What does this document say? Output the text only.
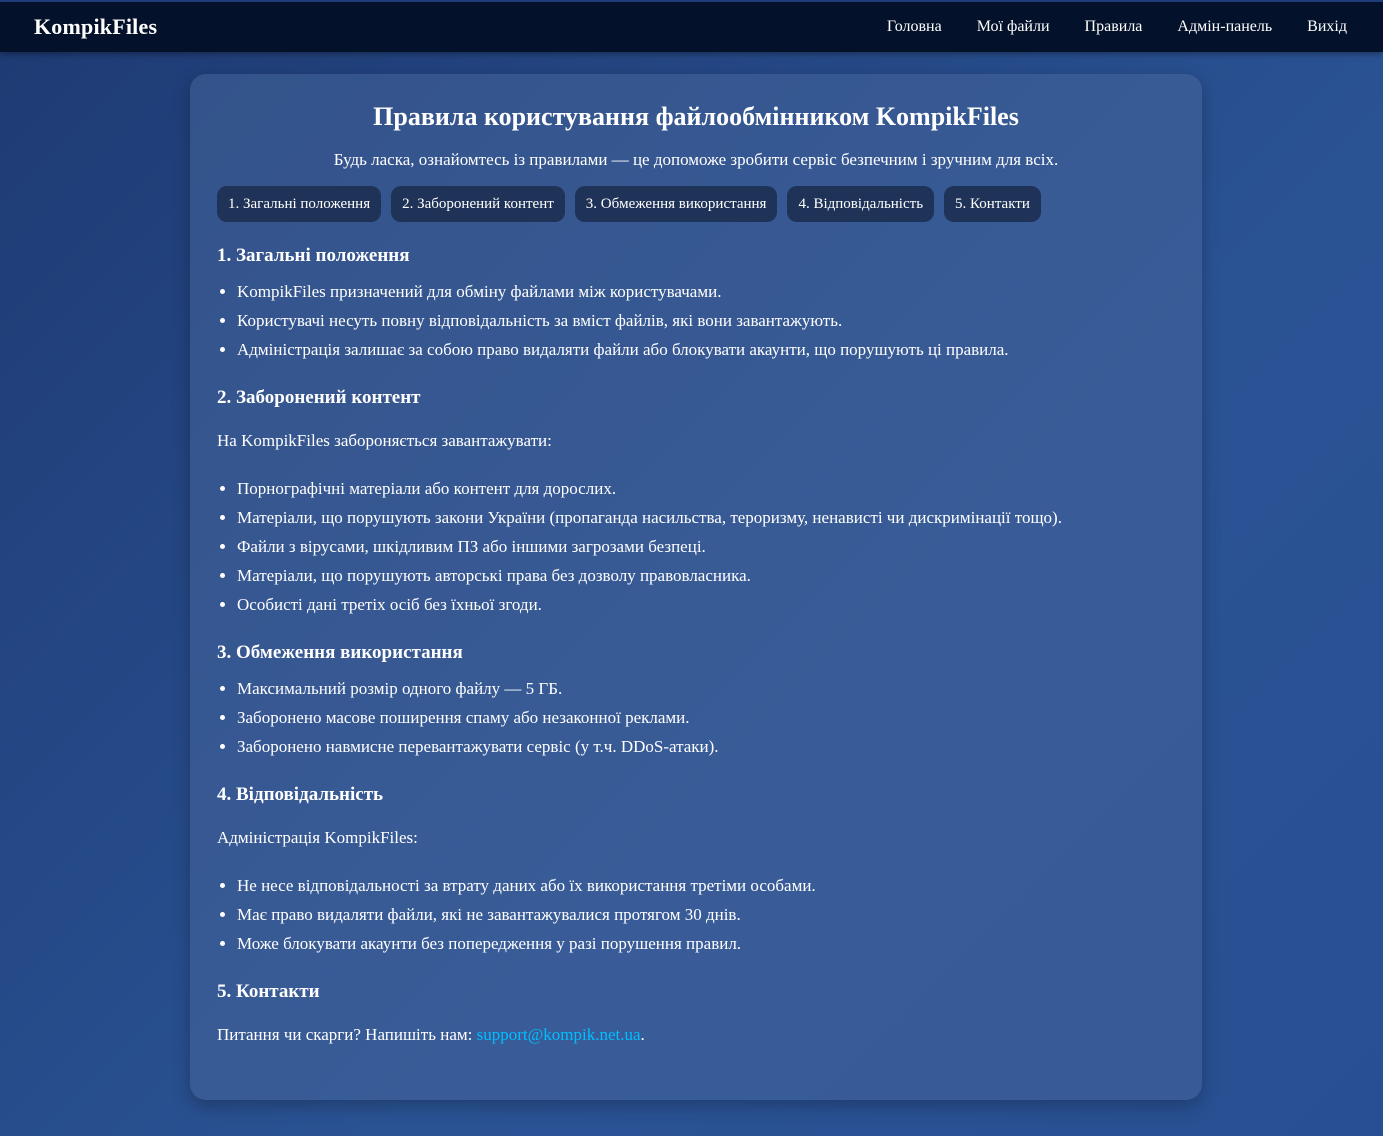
KompikFiles	Головна Мої файли Правила Адмін-панель Вихід
Правила користування файлообмінником KompikFiles

Будь ласка, ознайомтесь із правилами — це допоможе зробити сервіс безпечним і зручним для всіх.

1. Загальні положення	2. Заборонений контент	3. Обмеження використання	4. Відповідальність	5. Контакти
1. Загальні положення
• KompikFiles призначений для обміну файлами між користувачами.
• Користувачі несуть повну відповідальність за вміст файлів, які вони завантажують.
• Адміністрація залишає за собою право видаляти файли або блокувати акаунти, що порушують ці правила.
2. Заборонений контент

На KompikFiles забороняється завантажувати:

• Порнографічні матеріали або контент для дорослих.
• Матеріали, що порушують закони України (пропаганда насильства, тероризму, ненависті чи дискримінації тощо).
• Файли з вірусами, шкідливим ПЗ або іншими загрозами безпеці.
• Матеріали, що порушують авторські права без дозволу правовласника.
• Особисті дані третіх осіб без їхньої згоди.
3. Обмеження використання
• Максимальний розмір одного файлу — 5 ГБ.
• Заборонено масове поширення спаму або незаконної реклами.
• Заборонено навмисне перевантажувати сервіс (у т.ч. DDoS-атаки).
4. Відповідальність

Адміністрація KompikFiles:

• Не несе відповідальності за втрату даних або їх використання третіми особами.
• Має право видаляти файли, які не завантажувалися протягом 30 днів.
• Може блокувати акаунти без попередження у разі порушення правил.
5. Контакти

Питання чи скарги? Напишіть нам: support@kompik.net.ua.
